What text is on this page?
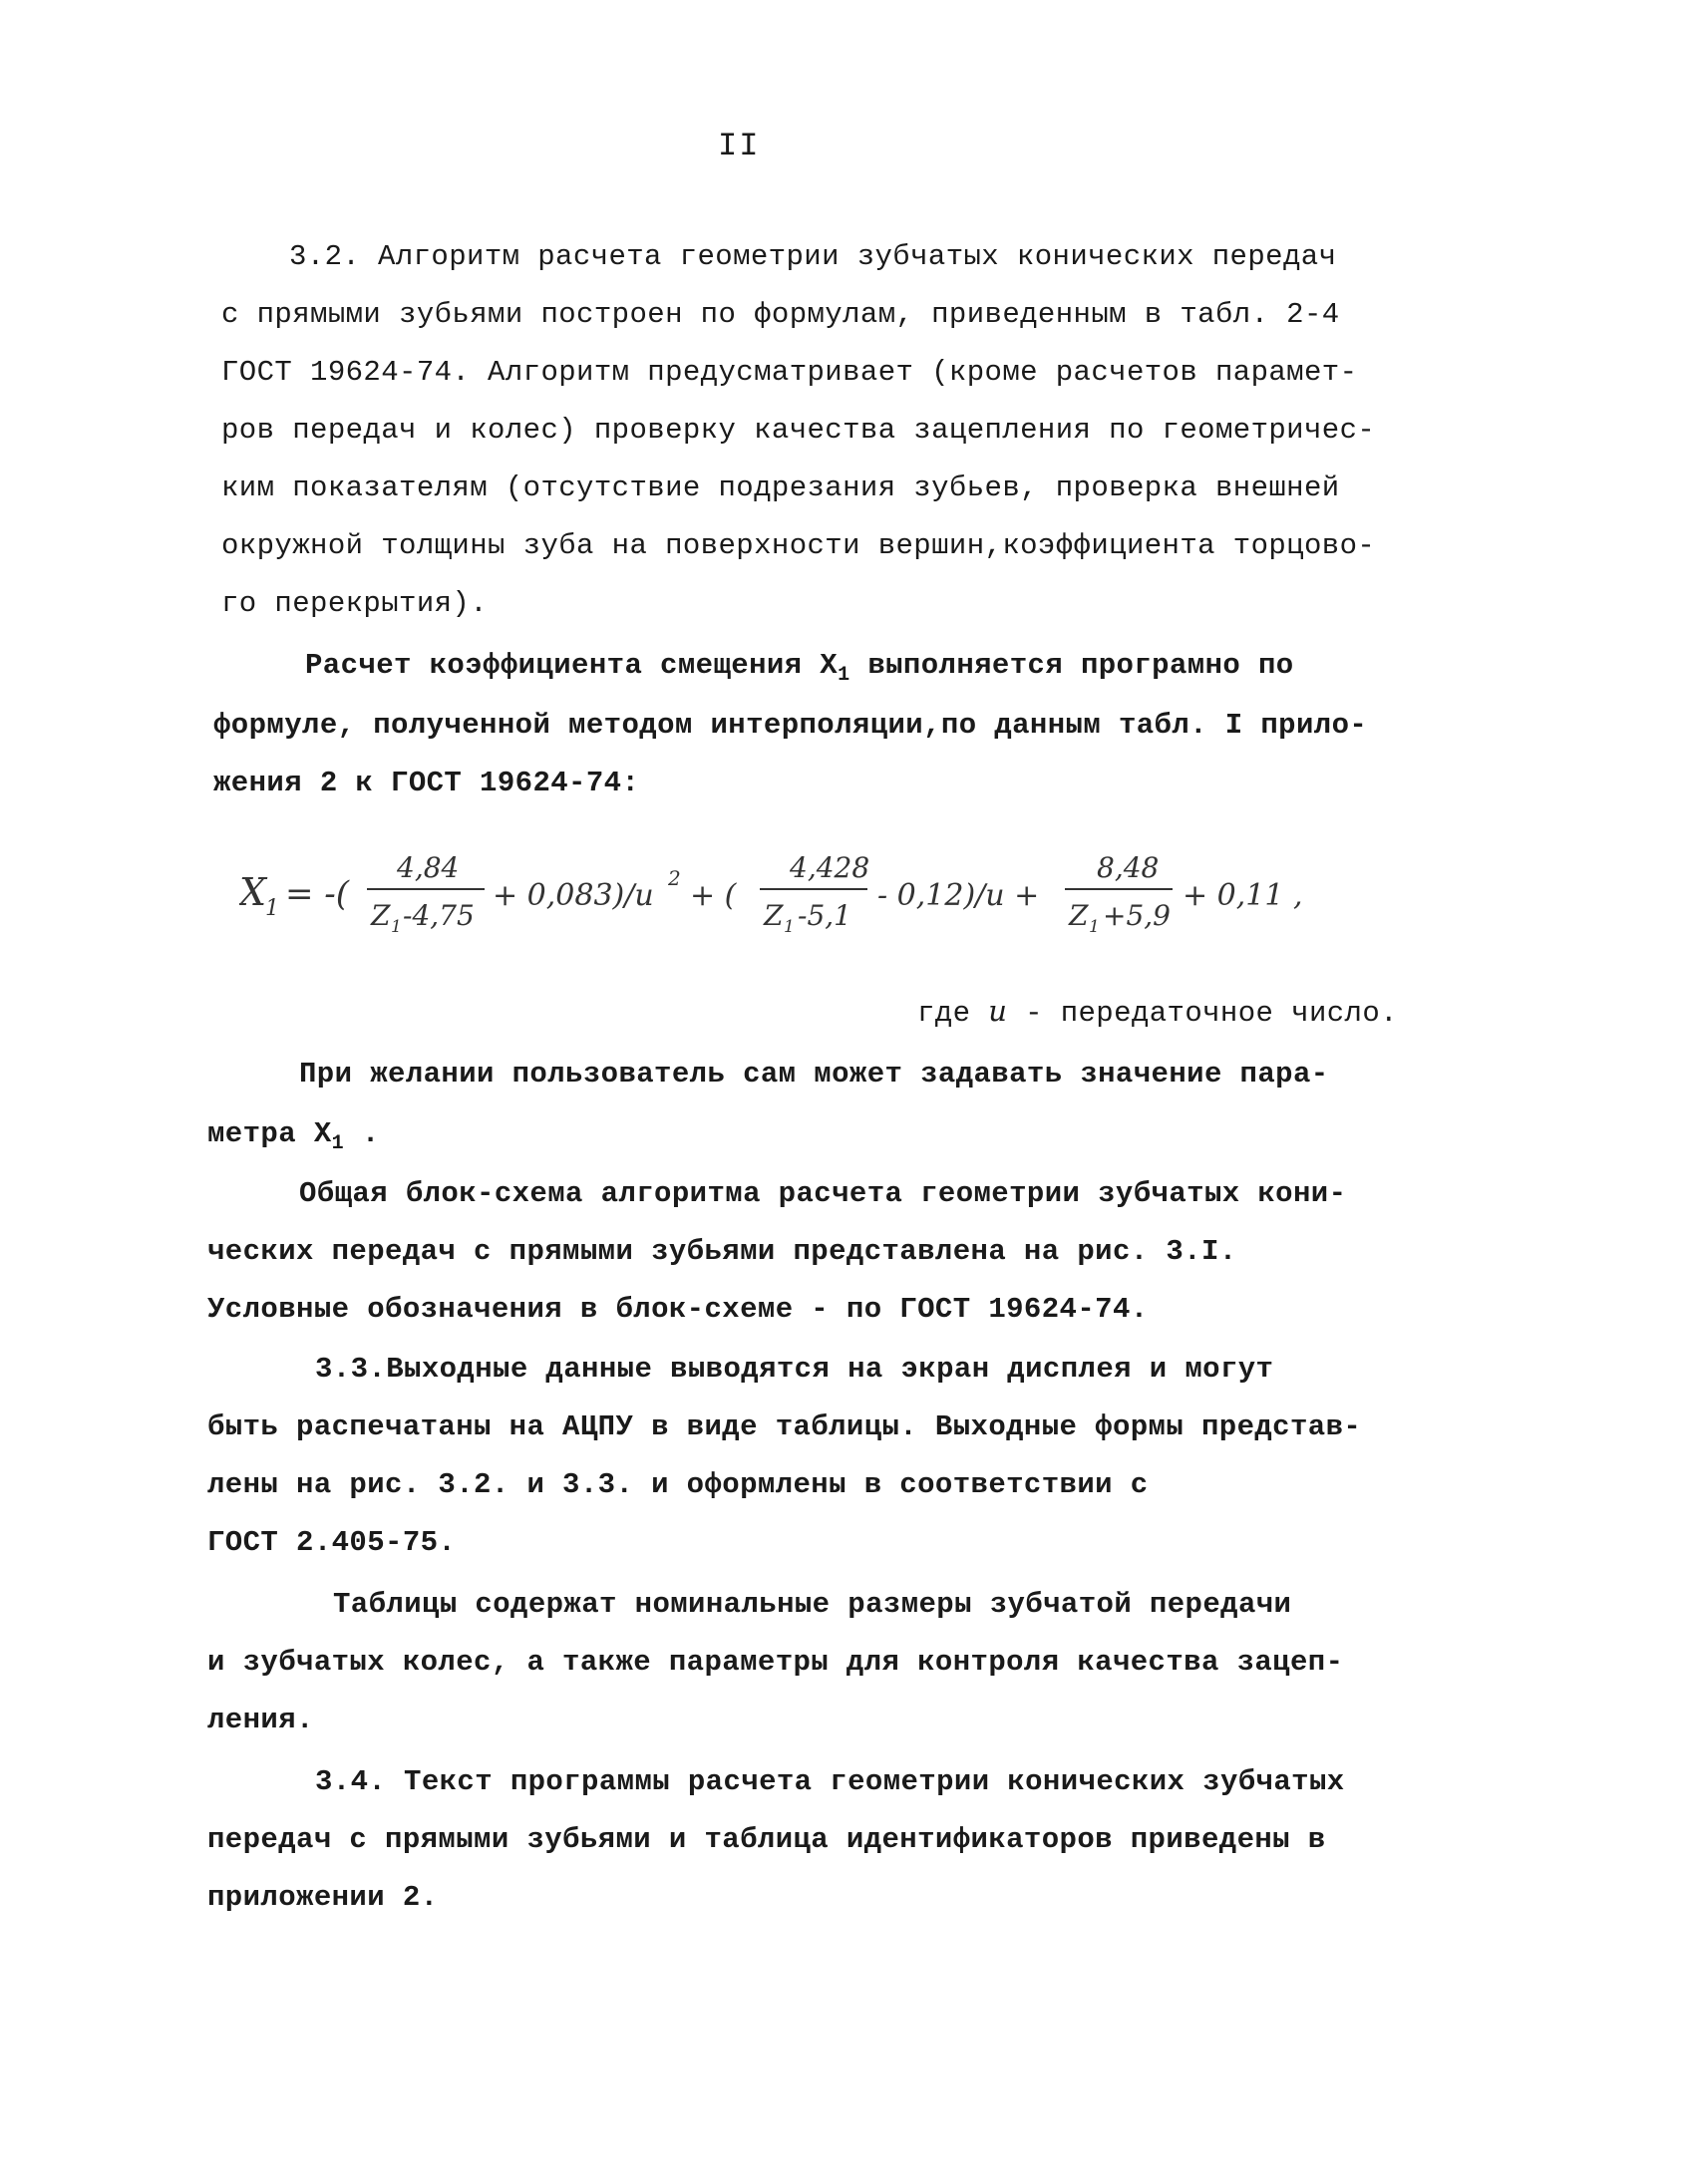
II
3.2. Алгоритм расчета геометрии зубчатых конических передач
с прямыми зубьями построен по формулам, приведенным в табл. 2-4
ГОСТ 19624-74. Алгоритм предусматривает (кроме расчетов парамет-
ров передач и колес) проверку качества зацепления по геометричес-
ким показателям (отсутствие подрезания зубьев, проверка внешней
окружной толщины зуба на поверхности вершин,коэффициента торцово-
го перекрытия).
Расчет коэффициента смещения $X_1$ выполняется програмно по
формуле, полученной методом интерполяции,по данным табл. I прило-
жения 2 к ГОСТ 19624-74:
X
1 = -(
4,84
Z 1 -4,75
+ 0,083)/u 2 + (
4,428
Z 1 -5,1
- 0,12)/u +
8,48
Z 1 +5,9
+ 0,11 ,
где u - передаточное число.
При желании пользователь сам может задавать значение пара-
метра $X_1$ .
Общая блок-схема алгоритма расчета геометрии зубчатых кони-
ческих передач с прямыми зубьями представлена на рис. 3.I.
Условные обозначения в блок-схеме - по ГОСТ 19624-74.
3.3.Выходные данные выводятся на экран дисплея и могут
быть распечатаны на АЦПУ в виде таблицы. Выходные формы представ-
лены на рис. 3.2. и 3.3. и оформлены в соответствии с
ГОСТ 2.405-75.
Таблицы содержат номинальные размеры зубчатой передачи
и зубчатых колес, а также параметры для контроля качества зацеп-
ления.
3.4. Текст программы расчета геометрии конических зубчатых
передач с прямыми зубьями и таблица идентификаторов приведены в
приложении 2.
